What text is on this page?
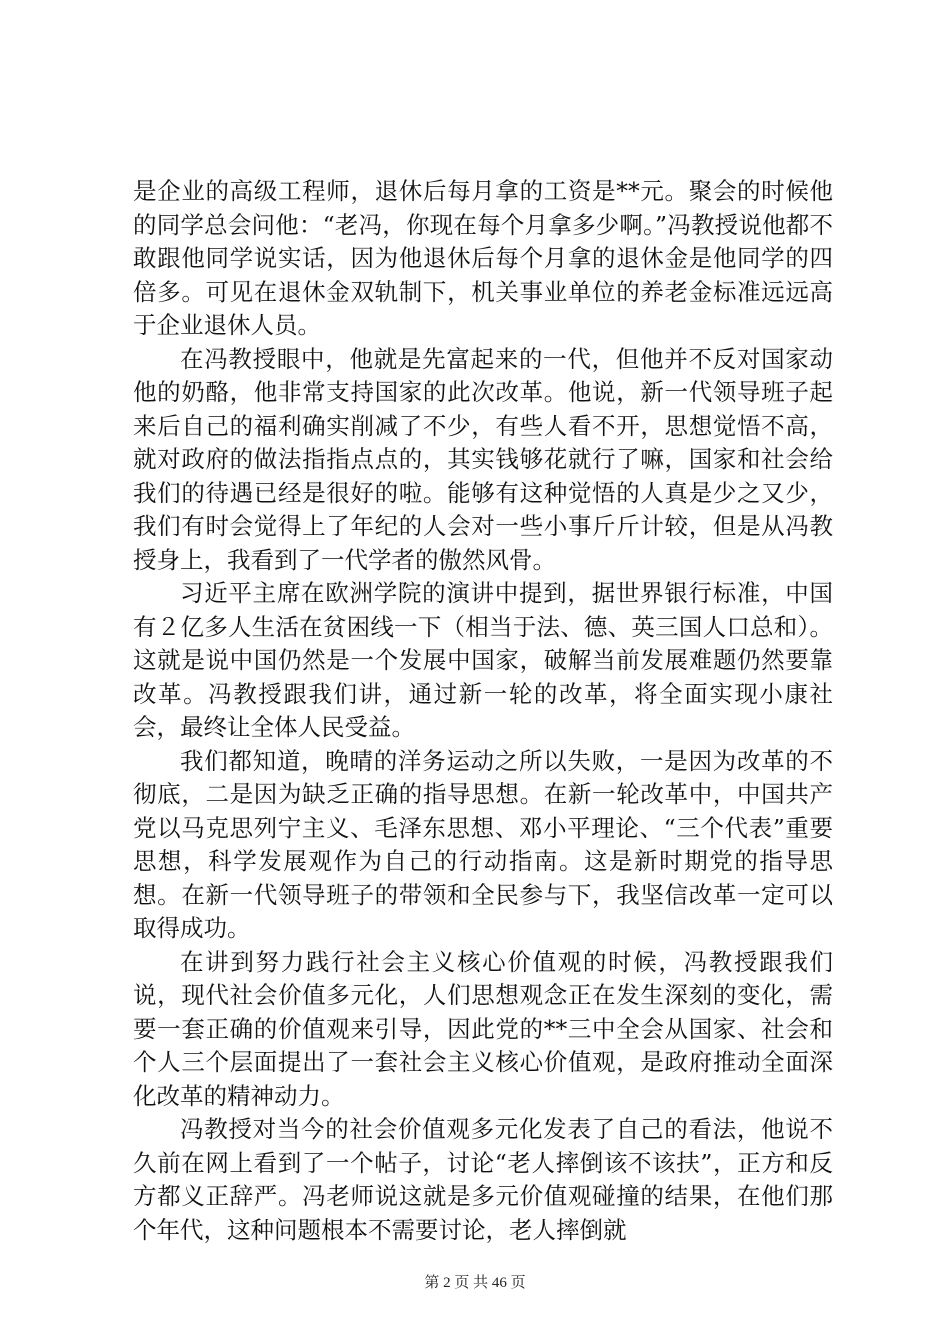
是企业的高级工程师，退休后每月拿的工资是**元。聚会的时候他的同学总会问他：“老冯，你现在每个月拿多少啊。”冯教授说他都不敢跟他同学说实话，因为他退休后每个月拿的退休金是他同学的四倍多。可见在退休金双轨制下，机关事业单位的养老金标准远远高于企业退休人员。

在冯教授眼中，他就是先富起来的一代，但他并不反对国家动他的奶酪，他非常支持国家的此次改革。他说，新一代领导班子起来后自己的福利确实削减了不少，有些人看不开，思想觉悟不高，就对政府的做法指指点点的，其实钱够花就行了嘛，国家和社会给我们的待遇已经是很好的啦。能够有这种觉悟的人真是少之又少，我们有时会觉得上了年纪的人会对一些小事斤斤计较，但是从冯教授身上，我看到了一代学者的傲然风骨。

习近平主席在欧洲学院的演讲中提到，据世界银行标准，中国有２亿多人生活在贫困线一下（相当于法、德、英三国人口总和）。这就是说中国仍然是一个发展中国家，破解当前发展难题仍然要靠改革。冯教授跟我们讲，通过新一轮的改革，将全面实现小康社会，最终让全体人民受益。

我们都知道，晚晴的洋务运动之所以失败，一是因为改革的不彻底，二是因为缺乏正确的指导思想。在新一轮改革中，中国共产党以马克思列宁主义、毛泽东思想、邓小平理论、“三个代表”重要思想，科学发展观作为自己的行动指南。这是新时期党的指导思想。在新一代领导班子的带领和全民参与下，我坚信改革一定可以取得成功。

在讲到努力践行社会主义核心价值观的时候，冯教授跟我们说，现代社会价值多元化，人们思想观念正在发生深刻的变化，需要一套正确的价值观来引导，因此党的**三中全会从国家、社会和个人三个层面提出了一套社会主义核心价值观，是政府推动全面深化改革的精神动力。

冯教授对当今的社会价值观多元化发表了自己的看法，他说不久前在网上看到了一个帖子，讨论“老人摔倒该不该扶”，正方和反方都义正辞严。冯老师说这就是多元价值观碰撞的结果，在他们那个年代，这种问题根本不需要讨论，老人摔倒就

第 2 页 共 46 页
